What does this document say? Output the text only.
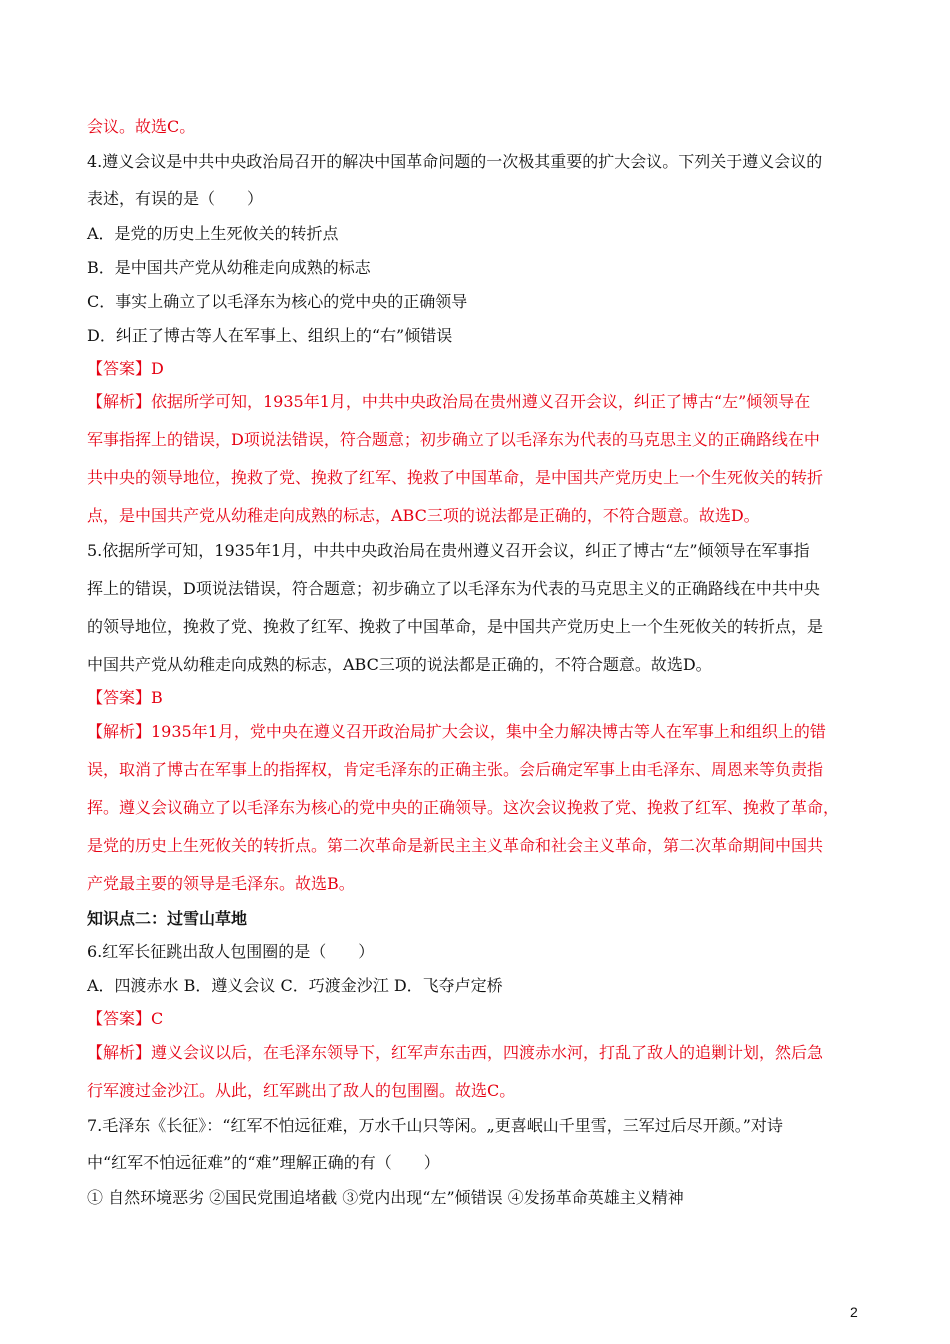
会议。故选C。
4.遵义会议是中共中央政治局召开的解决中国革命问题的一次极其重要的扩大会议。下列关于遵义会议的
表述，有误的是（　　）
A．是党的历史上生死攸关的转折点
B．是中国共产党从幼稚走向成熟的标志
C．事实上确立了以毛泽东为核心的党中央的正确领导
D．纠正了博古等人在军事上、组织上的“右”倾错误
【答案】D
【解析】依据所学可知，1935年1月，中共中央政治局在贵州遵义召开会议，纠正了博古“左”倾领导在
军事指挥上的错误，D项说法错误，符合题意；初步确立了以毛泽东为代表的马克思主义的正确路线在中
共中央的领导地位，挽救了党、挽救了红军、挽救了中国革命，是中国共产党历史上一个生死攸关的转折
点，是中国共产党从幼稚走向成熟的标志，ABC三项的说法都是正确的，不符合题意。故选D。
5.依据所学可知，1935年1月，中共中央政治局在贵州遵义召开会议，纠正了博古“左”倾领导在军事指
挥上的错误，D项说法错误，符合题意；初步确立了以毛泽东为代表的马克思主义的正确路线在中共中央
的领导地位，挽救了党、挽救了红军、挽救了中国革命，是中国共产党历史上一个生死攸关的转折点，是
中国共产党从幼稚走向成熟的标志，ABC三项的说法都是正确的，不符合题意。故选D。
【答案】B
【解析】1935年1月，党中央在遵义召开政治局扩大会议，集中全力解决博古等人在军事上和组织上的错
误，取消了博古在军事上的指挥权，肯定毛泽东的正确主张。会后确定军事上由毛泽东、周恩来等负责指
挥。遵义会议确立了以毛泽东为核心的党中央的正确领导。这次会议挽救了党、挽救了红军、挽救了革命，
是党的历史上生死攸关的转折点。第二次革命是新民主主义革命和社会主义革命，第二次革命期间中国共
产党最主要的领导是毛泽东。故选B。
知识点二：过雪山草地
6.红军长征跳出敌人包围圈的是（　　）
A．四渡赤水 B．遵义会议 C．巧渡金沙江 D．飞夺卢定桥
【答案】C
【解析】遵义会议以后，在毛泽东领导下，红军声东击西，四渡赤水河，打乱了敌人的追剿计划，然后急
行军渡过金沙江。从此，红军跳出了敌人的包围圈。故选C。
7.毛泽东《长征》：“红军不怕远征难，万水千山只等闲。„更喜岷山千里雪，三军过后尽开颜。”对诗
中“红军不怕远征难”的“难”理解正确的有（　　）
① 自然环境恶劣 ②国民党围追堵截 ③党内出现“左”倾错误 ④发扬革命英雄主义精神
2
